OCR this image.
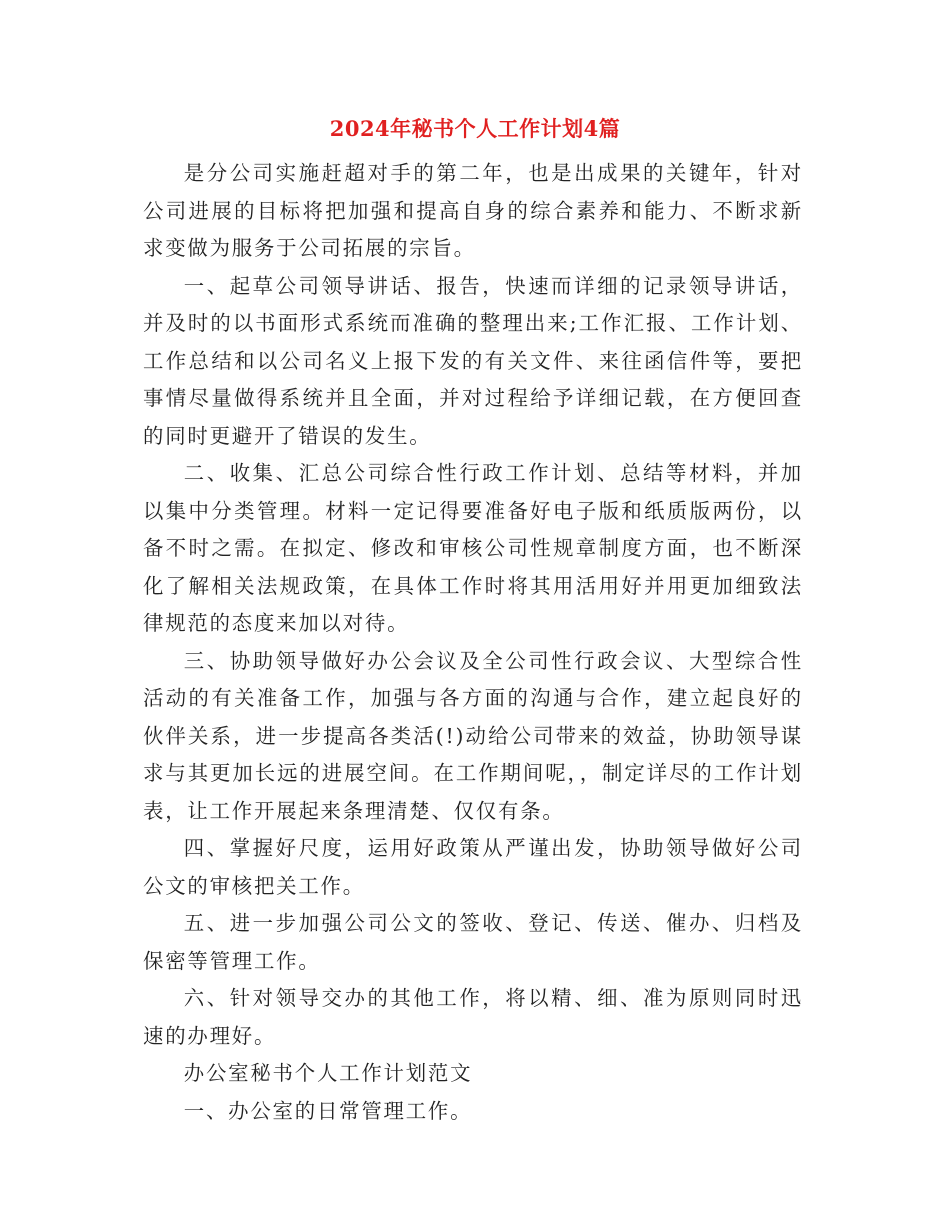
2024年秘书个人工作计划4篇

是分公司实施赶超对手的第二年，也是出成果的关键年，针对公司进展的目标将把加强和提高自身的综合素养和能力、不断求新求变做为服务于公司拓展的宗旨。

一、起草公司领导讲话、报告，快速而详细的记录领导讲话，并及时的以书面形式系统而准确的整理出来;工作汇报、工作计划、工作总结和以公司名义上报下发的有关文件、来往函信件等，要把事情尽量做得系统并且全面，并对过程给予详细记载，在方便回查的同时更避开了错误的发生。

二、收集、汇总公司综合性行政工作计划、总结等材料，并加以集中分类管理。材料一定记得要准备好电子版和纸质版两份，以备不时之需。在拟定、修改和审核公司性规章制度方面，也不断深化了解相关法规政策，在具体工作时将其用活用好并用更加细致法律规范的态度来加以对待。

三、协助领导做好办公会议及全公司性行政会议、大型综合性活动的有关准备工作，加强与各方面的沟通与合作，建立起良好的伙伴关系，进一步提高各类活(!)动给公司带来的效益，协助领导谋求与其更加长远的进展空间。在工作期间呢，，制定详尽的工作计划表，让工作开展起来条理清楚、仅仅有条。

四、掌握好尺度，运用好政策从严谨出发，协助领导做好公司公文的审核把关工作。

五、进一步加强公司公文的签收、登记、传送、催办、归档及保密等管理工作。

六、针对领导交办的其他工作，将以精、细、准为原则同时迅速的办理好。

办公室秘书个人工作计划范文

一、办公室的日常管理工作。
